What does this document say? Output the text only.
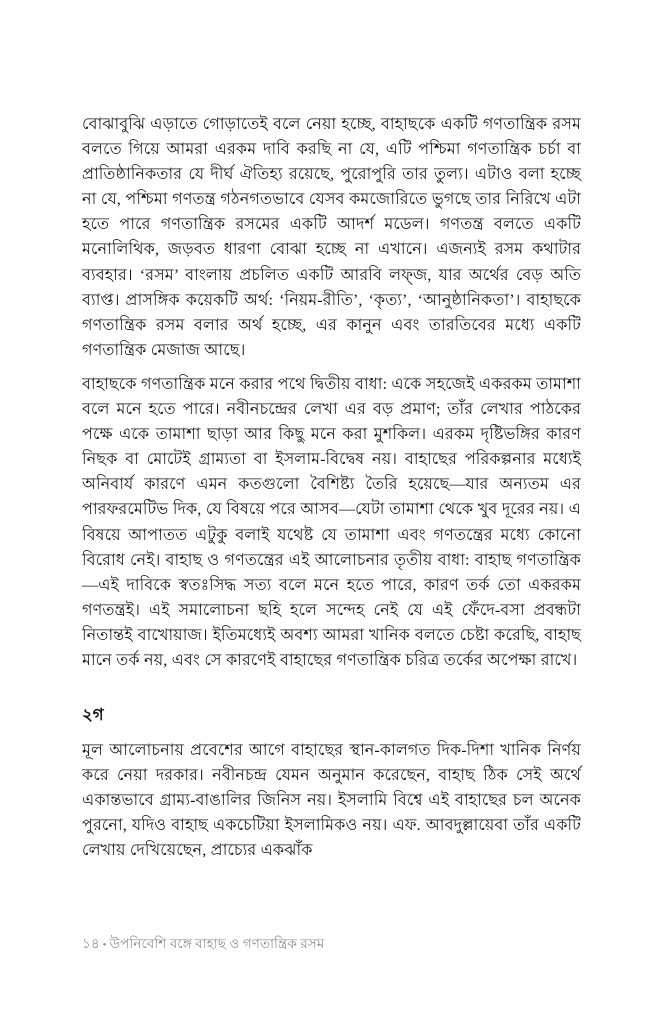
বোঝাবুঝি এড়াতে গোড়াতেই বলে নেয়া হচ্ছে, বাহাছকে একটি গণতান্ত্রিক রসম বলতে গিয়ে আমরা এরকম দাবি করছি না যে, এটি পশ্চিমা গণতান্ত্রিক চর্চা বা প্রাতিষ্ঠানিকতার যে দীর্ঘ ঐতিহ্য রয়েছে, পুরোপুরি তার তুল্য। এটাও বলা হচ্ছে না যে, পশ্চিমা গণতন্ত্র গঠনগতভাবে যেসব কমজোরিতে ভুগছে তার নিরিখে এটা হতে পারে গণতান্ত্রিক রসমের একটি আদর্শ মডেল। গণতন্ত্র বলতে একটি মনোলিথিক, জড়বত ধারণা বোঝা হচ্ছে না এখানে। এজন্যই রসম কথাটার ব্যবহার। ‘রসম’ বাংলায় প্রচলিত একটি আরবি লফ্জ, যার অর্থের বেড় অতি ব্যাপ্ত। প্রাসঙ্গিক কয়েকটি অর্থ: ‘নিয়ম-রীতি’, ‘কৃত্য’, ‘আনুষ্ঠানিকতা’। বাহাছকে গণতান্ত্রিক রসম বলার অর্থ হচ্ছে, এর কানুন এবং তারতিবের মধ্যে একটি গণতান্ত্রিক মেজাজ আছে।

বাহাছকে গণতান্ত্রিক মনে করার পথে দ্বিতীয় বাধা: একে সহজেই একরকম তামাশা বলে মনে হতে পারে। নবীনচন্দ্রের লেখা এর বড় প্রমাণ; তাঁর লেখার পাঠকের পক্ষে একে তামাশা ছাড়া আর কিছু মনে করা মুশকিল। এরকম দৃষ্টিভঙ্গির কারণ নিছক বা মোটেই গ্রাম্যতা বা ইসলাম-বিদ্বেষ নয়। বাহাছের পরিকল্পনার মধ্যেই অনিবার্য কারণে এমন কতগুলো বৈশিষ্ট্য তৈরি হয়েছে—যার অন্যতম এর পারফরমেটিভ দিক, যে বিষয়ে পরে আসব—যেটা তামাশা থেকে খুব দূরের নয়। এ বিষয়ে আপাতত এটুকু বলাই যথেষ্ট যে তামাশা এবং গণতন্ত্রের মধ্যে কোনো বিরোধ নেই। বাহাছ ও গণতন্ত্রের এই আলোচনার তৃতীয় বাধা: বাহাছ গণতান্ত্রিক—এই দাবিকে স্বতঃসিদ্ধ সত্য বলে মনে হতে পারে, কারণ তর্ক তো একরকম গণতন্ত্রই। এই সমালোচনা ছহি হলে সন্দেহ নেই যে এই ফেঁদে-বসা প্রবন্ধটা নিতান্তই বাখোয়াজ। ইতিমধ্যেই অবশ্য আমরা খানিক বলতে চেষ্টা করেছি, বাহাছ মানে তর্ক নয়, এবং সে কারণেই বাহাছের গণতান্ত্রিক চরিত্র তর্কের অপেক্ষা রাখে।

২গ

মূল আলোচনায় প্রবেশের আগে বাহাছের স্থান-কালগত দিক-দিশা খানিক নির্ণয় করে নেয়া দরকার। নবীনচন্দ্র যেমন অনুমান করেছেন, বাহাছ ঠিক সেই অর্থে একান্তভাবে গ্রাম্য-বাঙালির জিনিস নয়। ইসলামি বিশ্বে এই বাহাছের চল অনেক পুরনো, যদিও বাহাছ একচেটিয়া ইসলামিকও নয়। এফ. আবদুল্লায়েবা তাঁর একটি লেখায় দেখিয়েছেন, প্রাচ্যের একঝাঁক

১৪ • উপনিবেশি বঙ্গে বাহাছ ও গণতান্ত্রিক রসম
